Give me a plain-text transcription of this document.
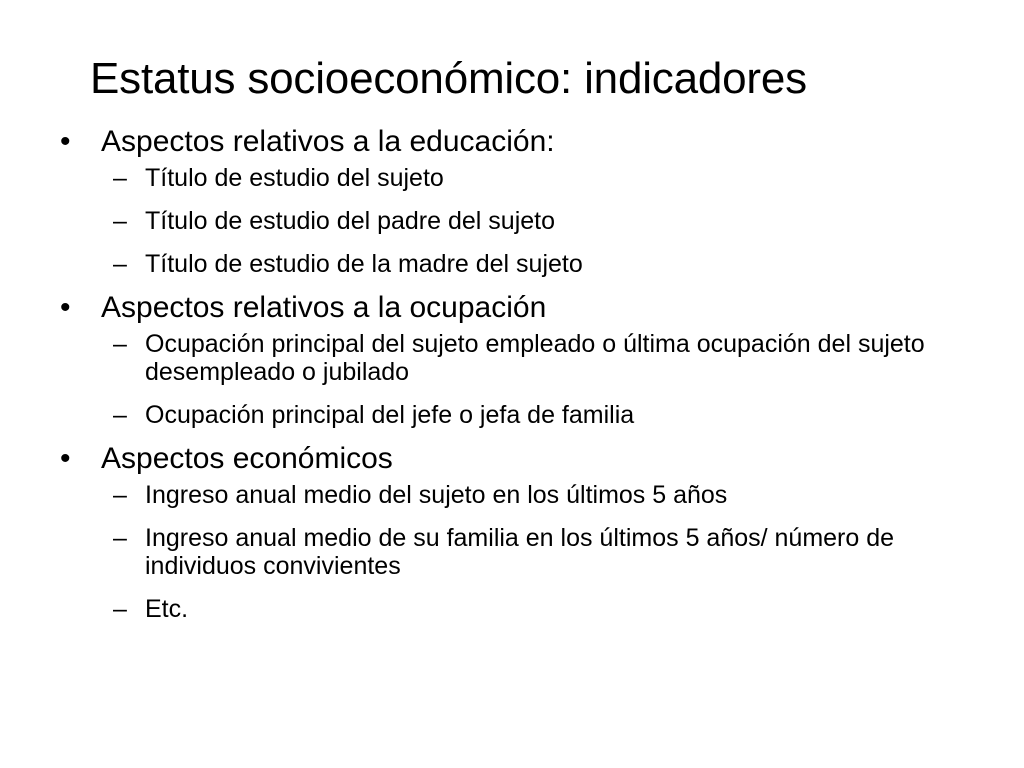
Estatus socioeconómico: indicadores
•	Aspectos relativos a la educación:
– Título de estudio del sujeto
– Título de estudio del padre del sujeto
– Título de estudio de la madre del sujeto
•	Aspectos relativos a la ocupación
– Ocupación principal del sujeto empleado o última ocupación del sujeto desempleado o jubilado
– Ocupación principal del jefe o jefa de familia
•	Aspectos económicos
– Ingreso anual medio del sujeto en los últimos 5 años
– Ingreso anual medio de su familia en los últimos 5 años/ número de individuos convivientes
– Etc.
